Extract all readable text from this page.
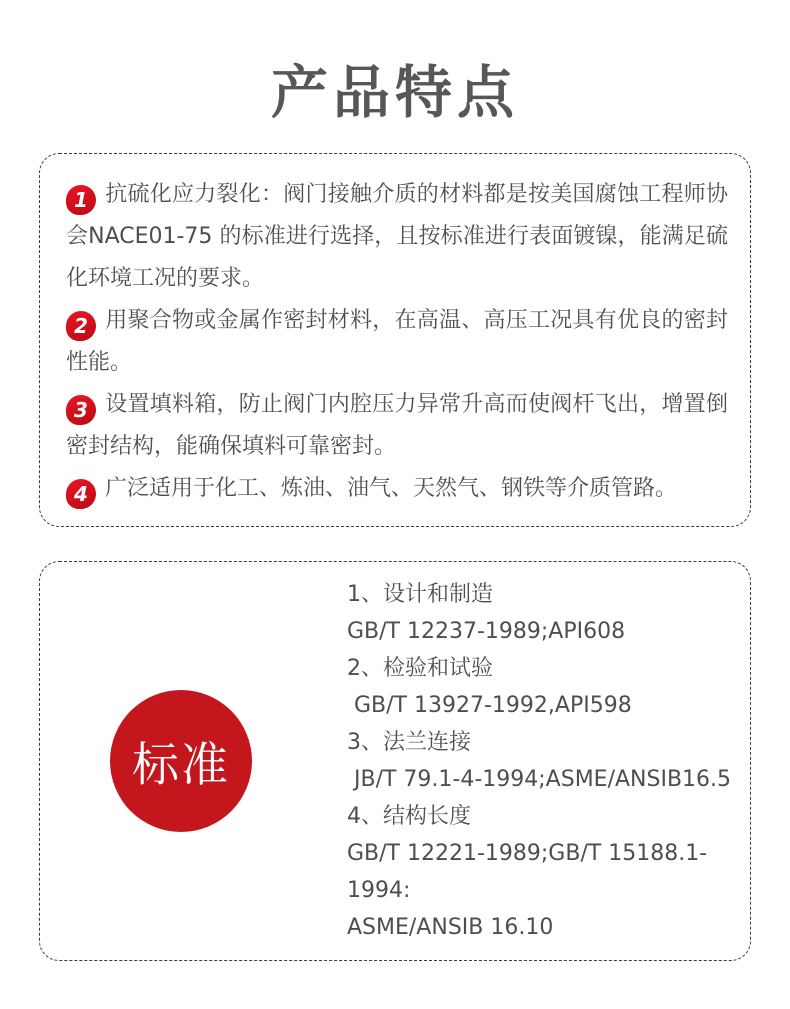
产品特点

1 抗硫化应力裂化：阀门接触介质的材料都是按美国腐蚀工程师协会NACE01-75 的标准进行选择，且按标准进行表面镀镍，能满足硫化环境工况的要求。

2 用聚合物或金属作密封材料，在高温、高压工况具有优良的密封性能。

3 设置填料箱，防止阀门内腔压力异常升高而使阀杆飞出，增置倒密封结构，能确保填料可靠密封。

4 广泛适用于化工、炼油、油气、天然气、钢铁等介质管路。

标准
1、设计和制造
GB/T 12237-1989;API608
2、检验和试验
GB/T 13927-1992,API598
3、法兰连接
JB/T 79.1-4-1994;ASME/ANSIB16.5
4、结构长度
GB/T 12221-1989;GB/T 15188.1-1994:
ASME/ANSIB 16.10
